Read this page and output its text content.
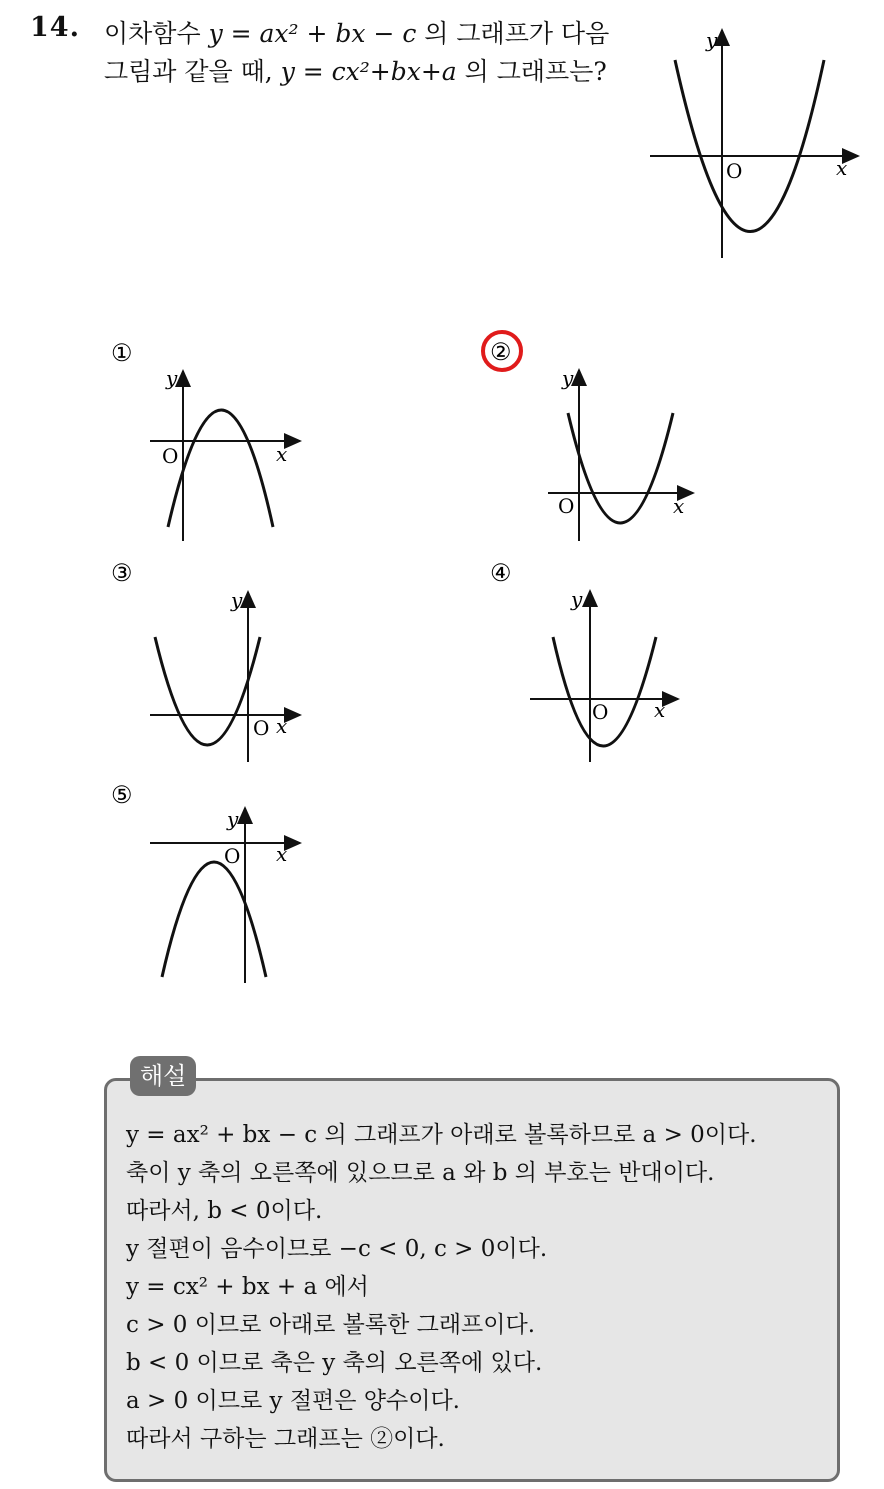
14. 이차함수 y = ax² + bx − c 의 그래프가 다음
그림과 같을 때, y = cx²+bx+a 의 그래프는?
O	x
y
①
O	x
y
②
O	x
y
③
O x
y
④
O x
y
⑤
O x
y
해설
y = ax² + bx − c 의 그래프가 아래로 볼록하므로 a > 0이다.
축이 y 축의 오른쪽에 있으므로 a 와 b 의 부호는 반대이다.
따라서, b < 0이다.
y 절편이 음수이므로 −c < 0, c > 0이다.
y = cx² + bx + a 에서
c > 0 이므로 아래로 볼록한 그래프이다.
b < 0 이므로 축은 y 축의 오른쪽에 있다.
a > 0 이므로 y 절편은 양수이다.
따라서 구하는 그래프는 ②이다.
